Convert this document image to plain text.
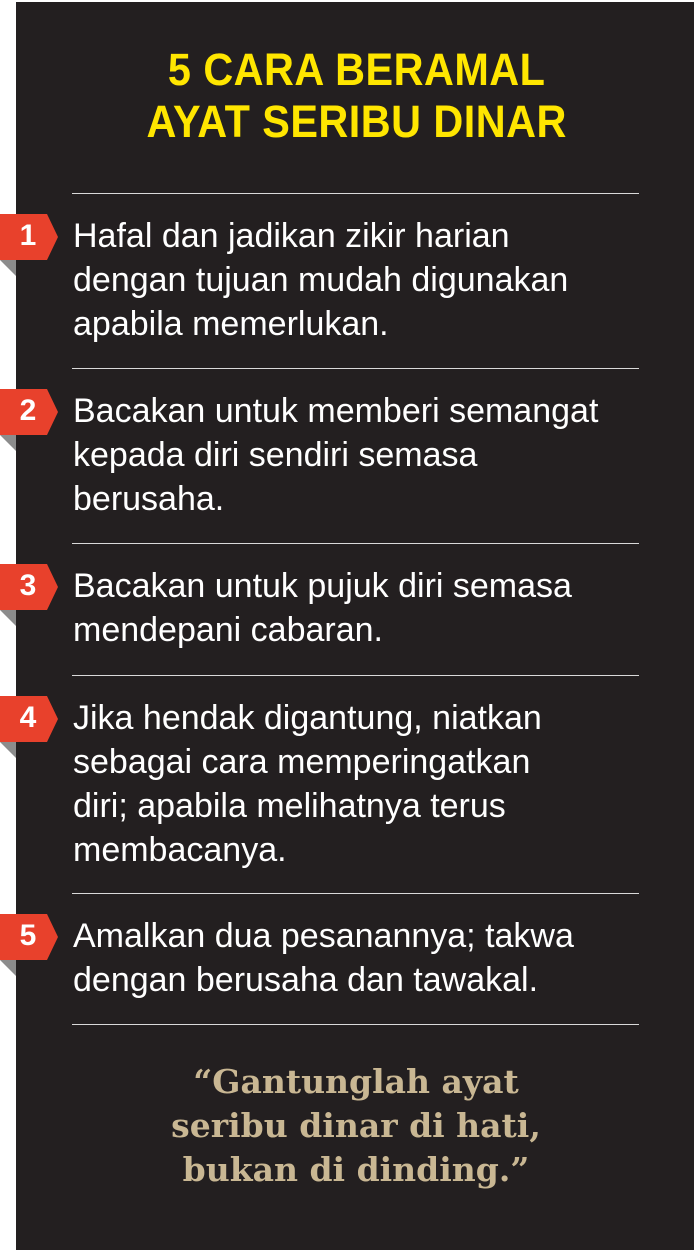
5 CARA BERAMAL
AYAT SERIBU DINAR
1 Hafal dan jadikan zikir harian
dengan tujuan mudah digunakan
apabila memerlukan.
2 Bacakan untuk memberi semangat
kepada diri sendiri semasa
berusaha.
3 Bacakan untuk pujuk diri semasa
mendepani cabaran.
4 Jika hendak digantung, niatkan
sebagai cara memperingatkan
diri; apabila melihatnya terus
membacanya.
5 Amalkan dua pesanannya; takwa
dengan berusaha dan tawakal.
“Gantunglah ayat
seribu dinar di hati,
bukan di dinding.”
